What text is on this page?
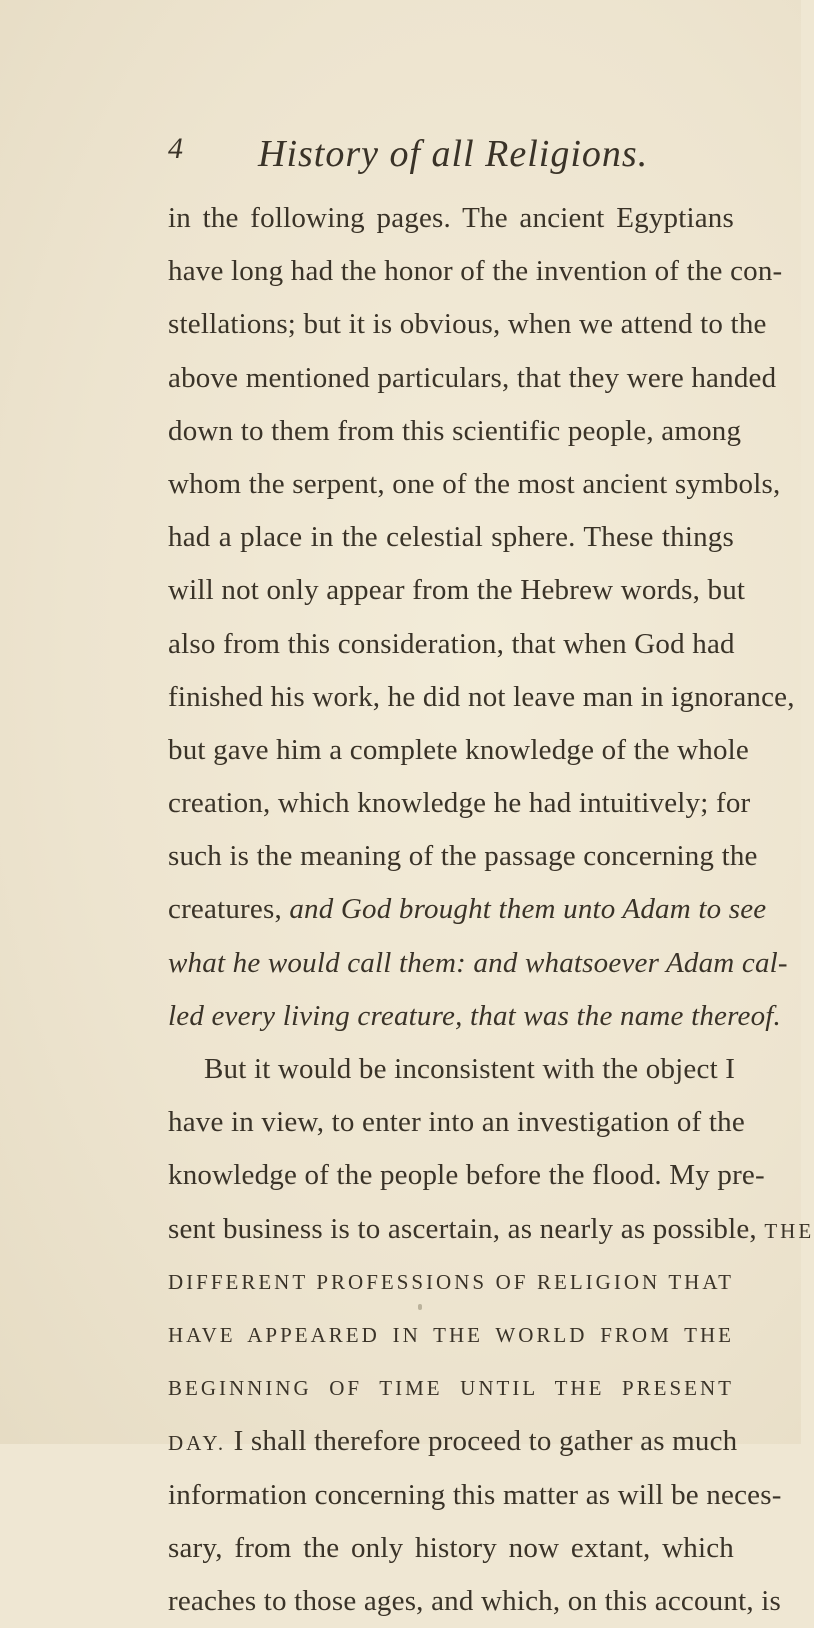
4 History of all Religions.
in the following pages. The ancient Egyptians
have long had the honor of the invention of the con-
stellations; but it is obvious, when we attend to the
above mentioned particulars, that they were handed
down to them from this scientific people, among
whom the serpent, one of the most ancient symbols,
had a place in the celestial sphere. These things
will not only appear from the Hebrew words, but
also from this consideration, that when God had
finished his work, he did not leave man in ignorance,
but gave him a complete knowledge of the whole
creation, which knowledge he had intuitively; for
such is the meaning of the passage concerning the
creatures, and God brought them unto Adam to see
what he would call them: and whatsoever Adam cal-
led every living creature, that was the name thereof.
But it would be inconsistent with the object I
have in view, to enter into an investigation of the
knowledge of the people before the flood. My pre-
sent business is to ascertain, as nearly as possible, THE
DIFFERENT PROFESSIONS OF RELIGION THAT
HAVE APPEARED IN THE WORLD FROM THE
BEGINNING OF TIME UNTIL THE PRESENT
DAY. I shall therefore proceed to gather as much
information concerning this matter as will be neces-
sary, from the only history now extant, which
reaches to those ages, and which, on this account, is
